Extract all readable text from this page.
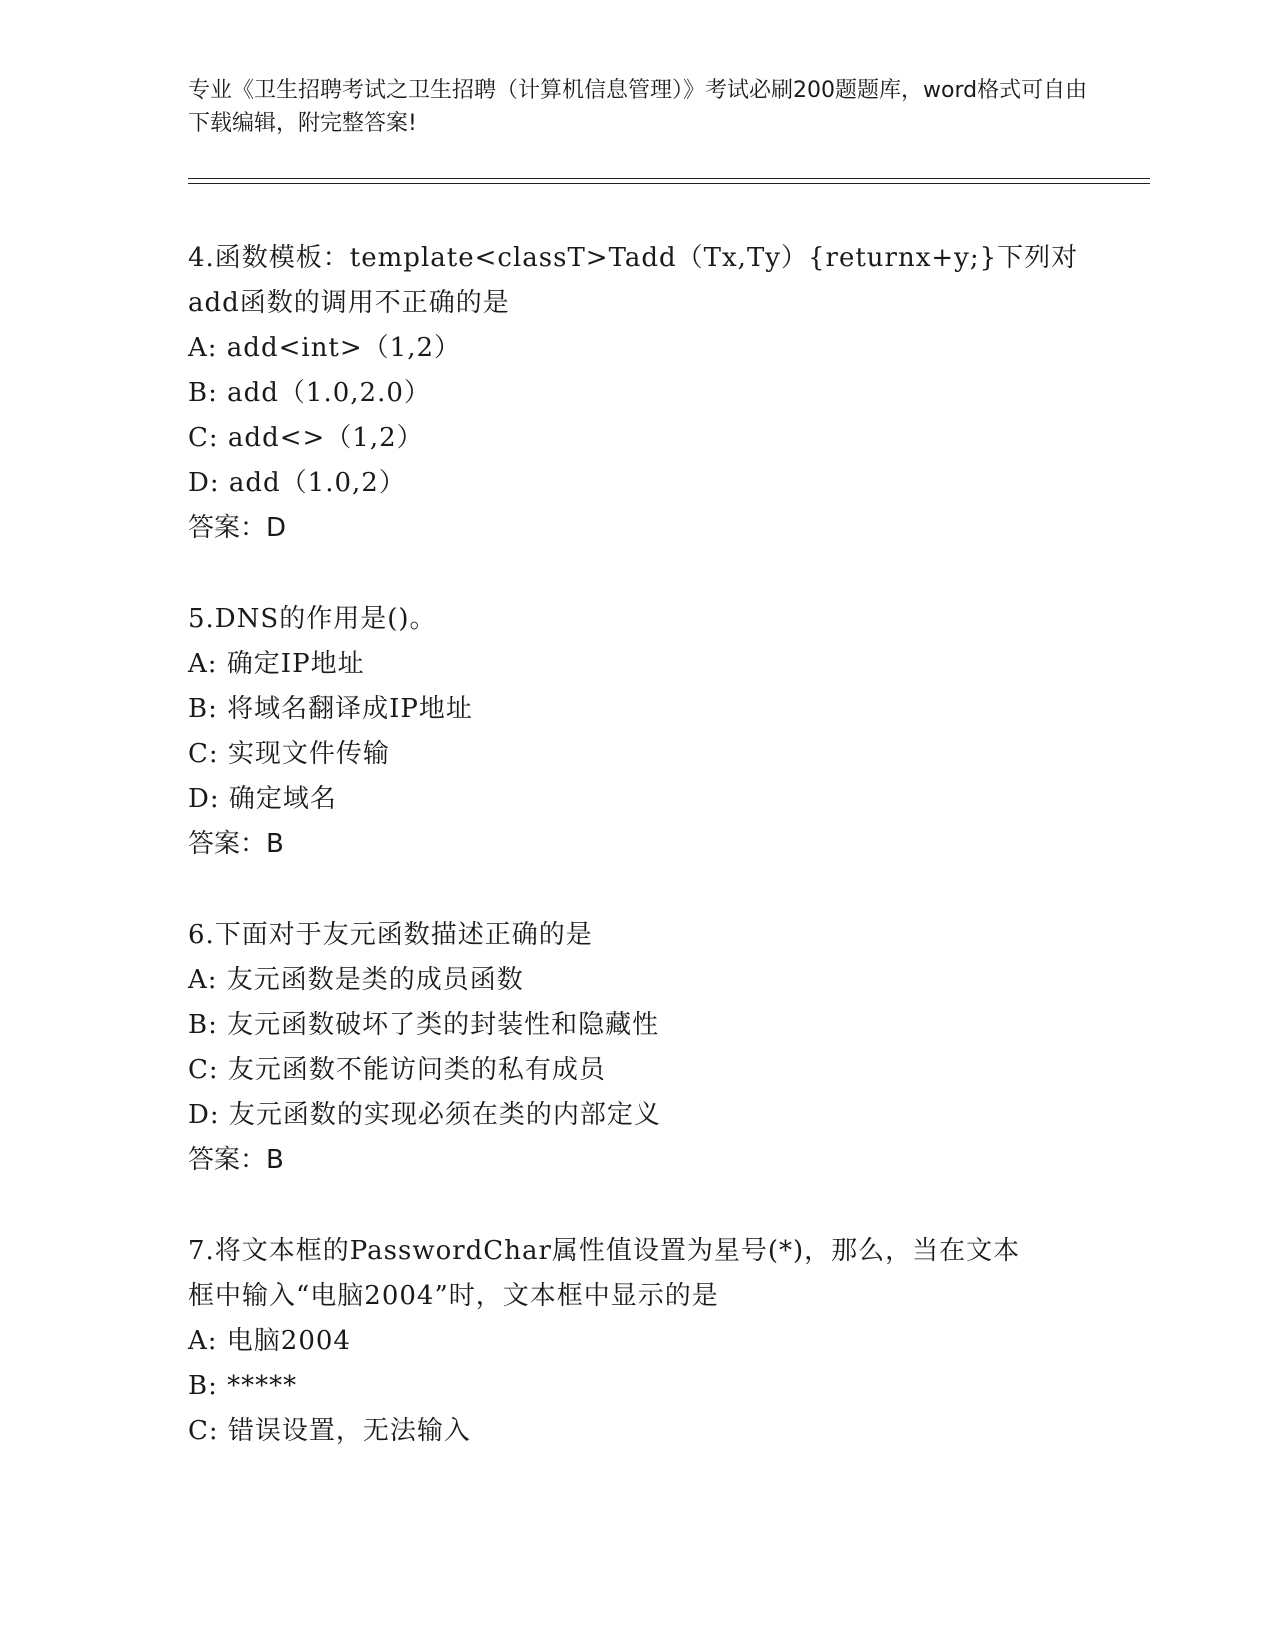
专业《卫生招聘考试之卫生招聘（计算机信息管理）》考试必刷200题题库，word格式可自由下载编辑，附完整答案!
4.函数模板：template<classT>Tadd（Tx,Ty）{returnx+y;}下列对
add函数的调用不正确的是
A: add<int>（1,2）
B: add（1.0,2.0）
C: add<>（1,2）
D: add（1.0,2）
答案：D
5.DNS的作用是()。
A: 确定IP地址
B: 将域名翻译成IP地址
C: 实现文件传输
D: 确定域名
答案：B
6.下面对于友元函数描述正确的是
A: 友元函数是类的成员函数
B: 友元函数破坏了类的封装性和隐藏性
C: 友元函数不能访问类的私有成员
D: 友元函数的实现必须在类的内部定义
答案：B
7.将文本框的PasswordChar属性值设置为星号(*)，那么，当在文本
框中输入“电脑2004”时，文本框中显示的是
A: 电脑2004
B: *****
C: 错误设置，无法输入
